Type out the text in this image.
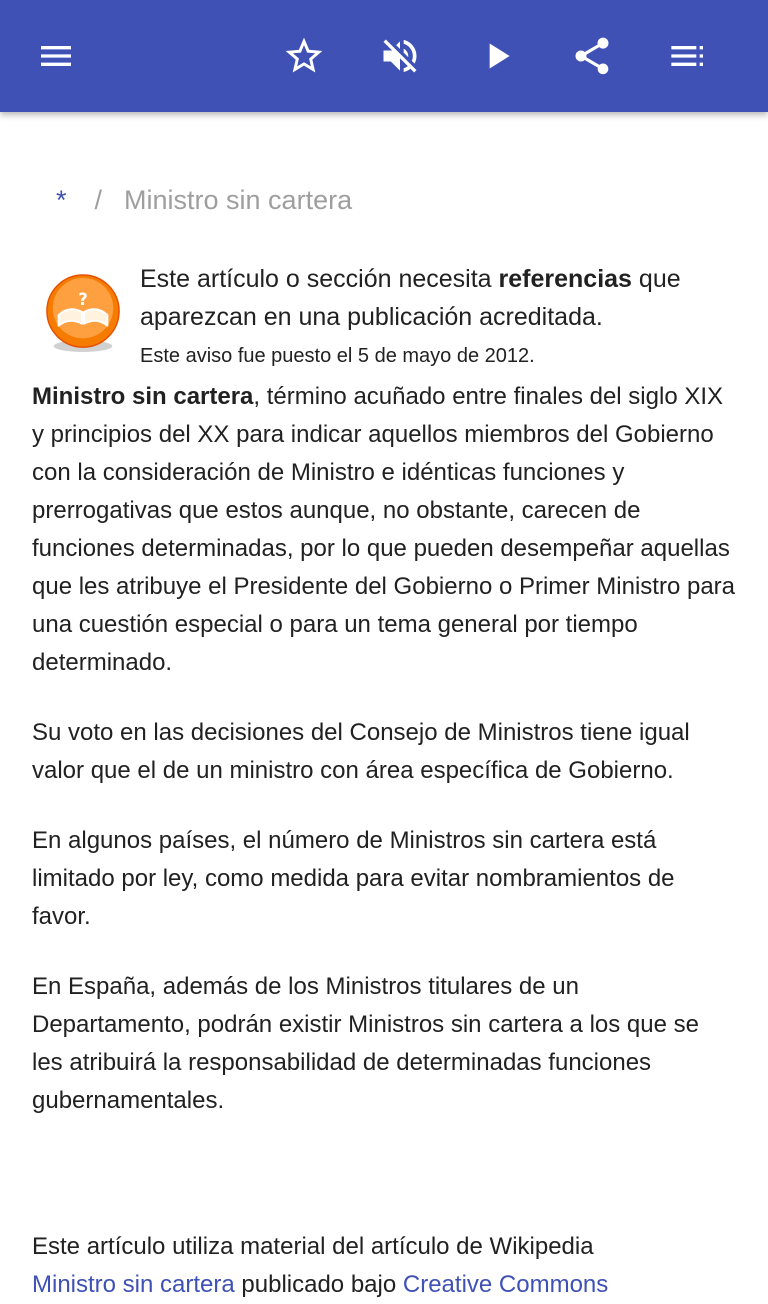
* / Ministro sin cartera
?
Este artículo o sección necesita referencias que aparezcan en una publicación acreditada.
Este aviso fue puesto el 5 de mayo de 2012.

Ministro sin cartera, término acuñado entre finales del siglo XIX y principios del XX para indicar aquellos miembros del Gobierno con la consideración de Ministro e idénticas funciones y prerrogativas que estos aunque, no obstante, carecen de funciones determinadas, por lo que pueden desempeñar aquellas que les atribuye el Presidente del Gobierno o Primer Ministro para una cuestión especial o para un tema general por tiempo determinado.

Su voto en las decisiones del Consejo de Ministros tiene igual valor que el de un ministro con área específica de Gobierno.

En algunos países, el número de Ministros sin cartera está limitado por ley, como medida para evitar nombramientos de favor.

En España, además de los Ministros titulares de un Departamento, podrán existir Ministros sin cartera a los que se les atribuirá la responsabilidad de determinadas funciones gubernamentales.

Este artículo utiliza material del artículo de Wikipedia
Ministro sin cartera publicado bajo Creative Commons
